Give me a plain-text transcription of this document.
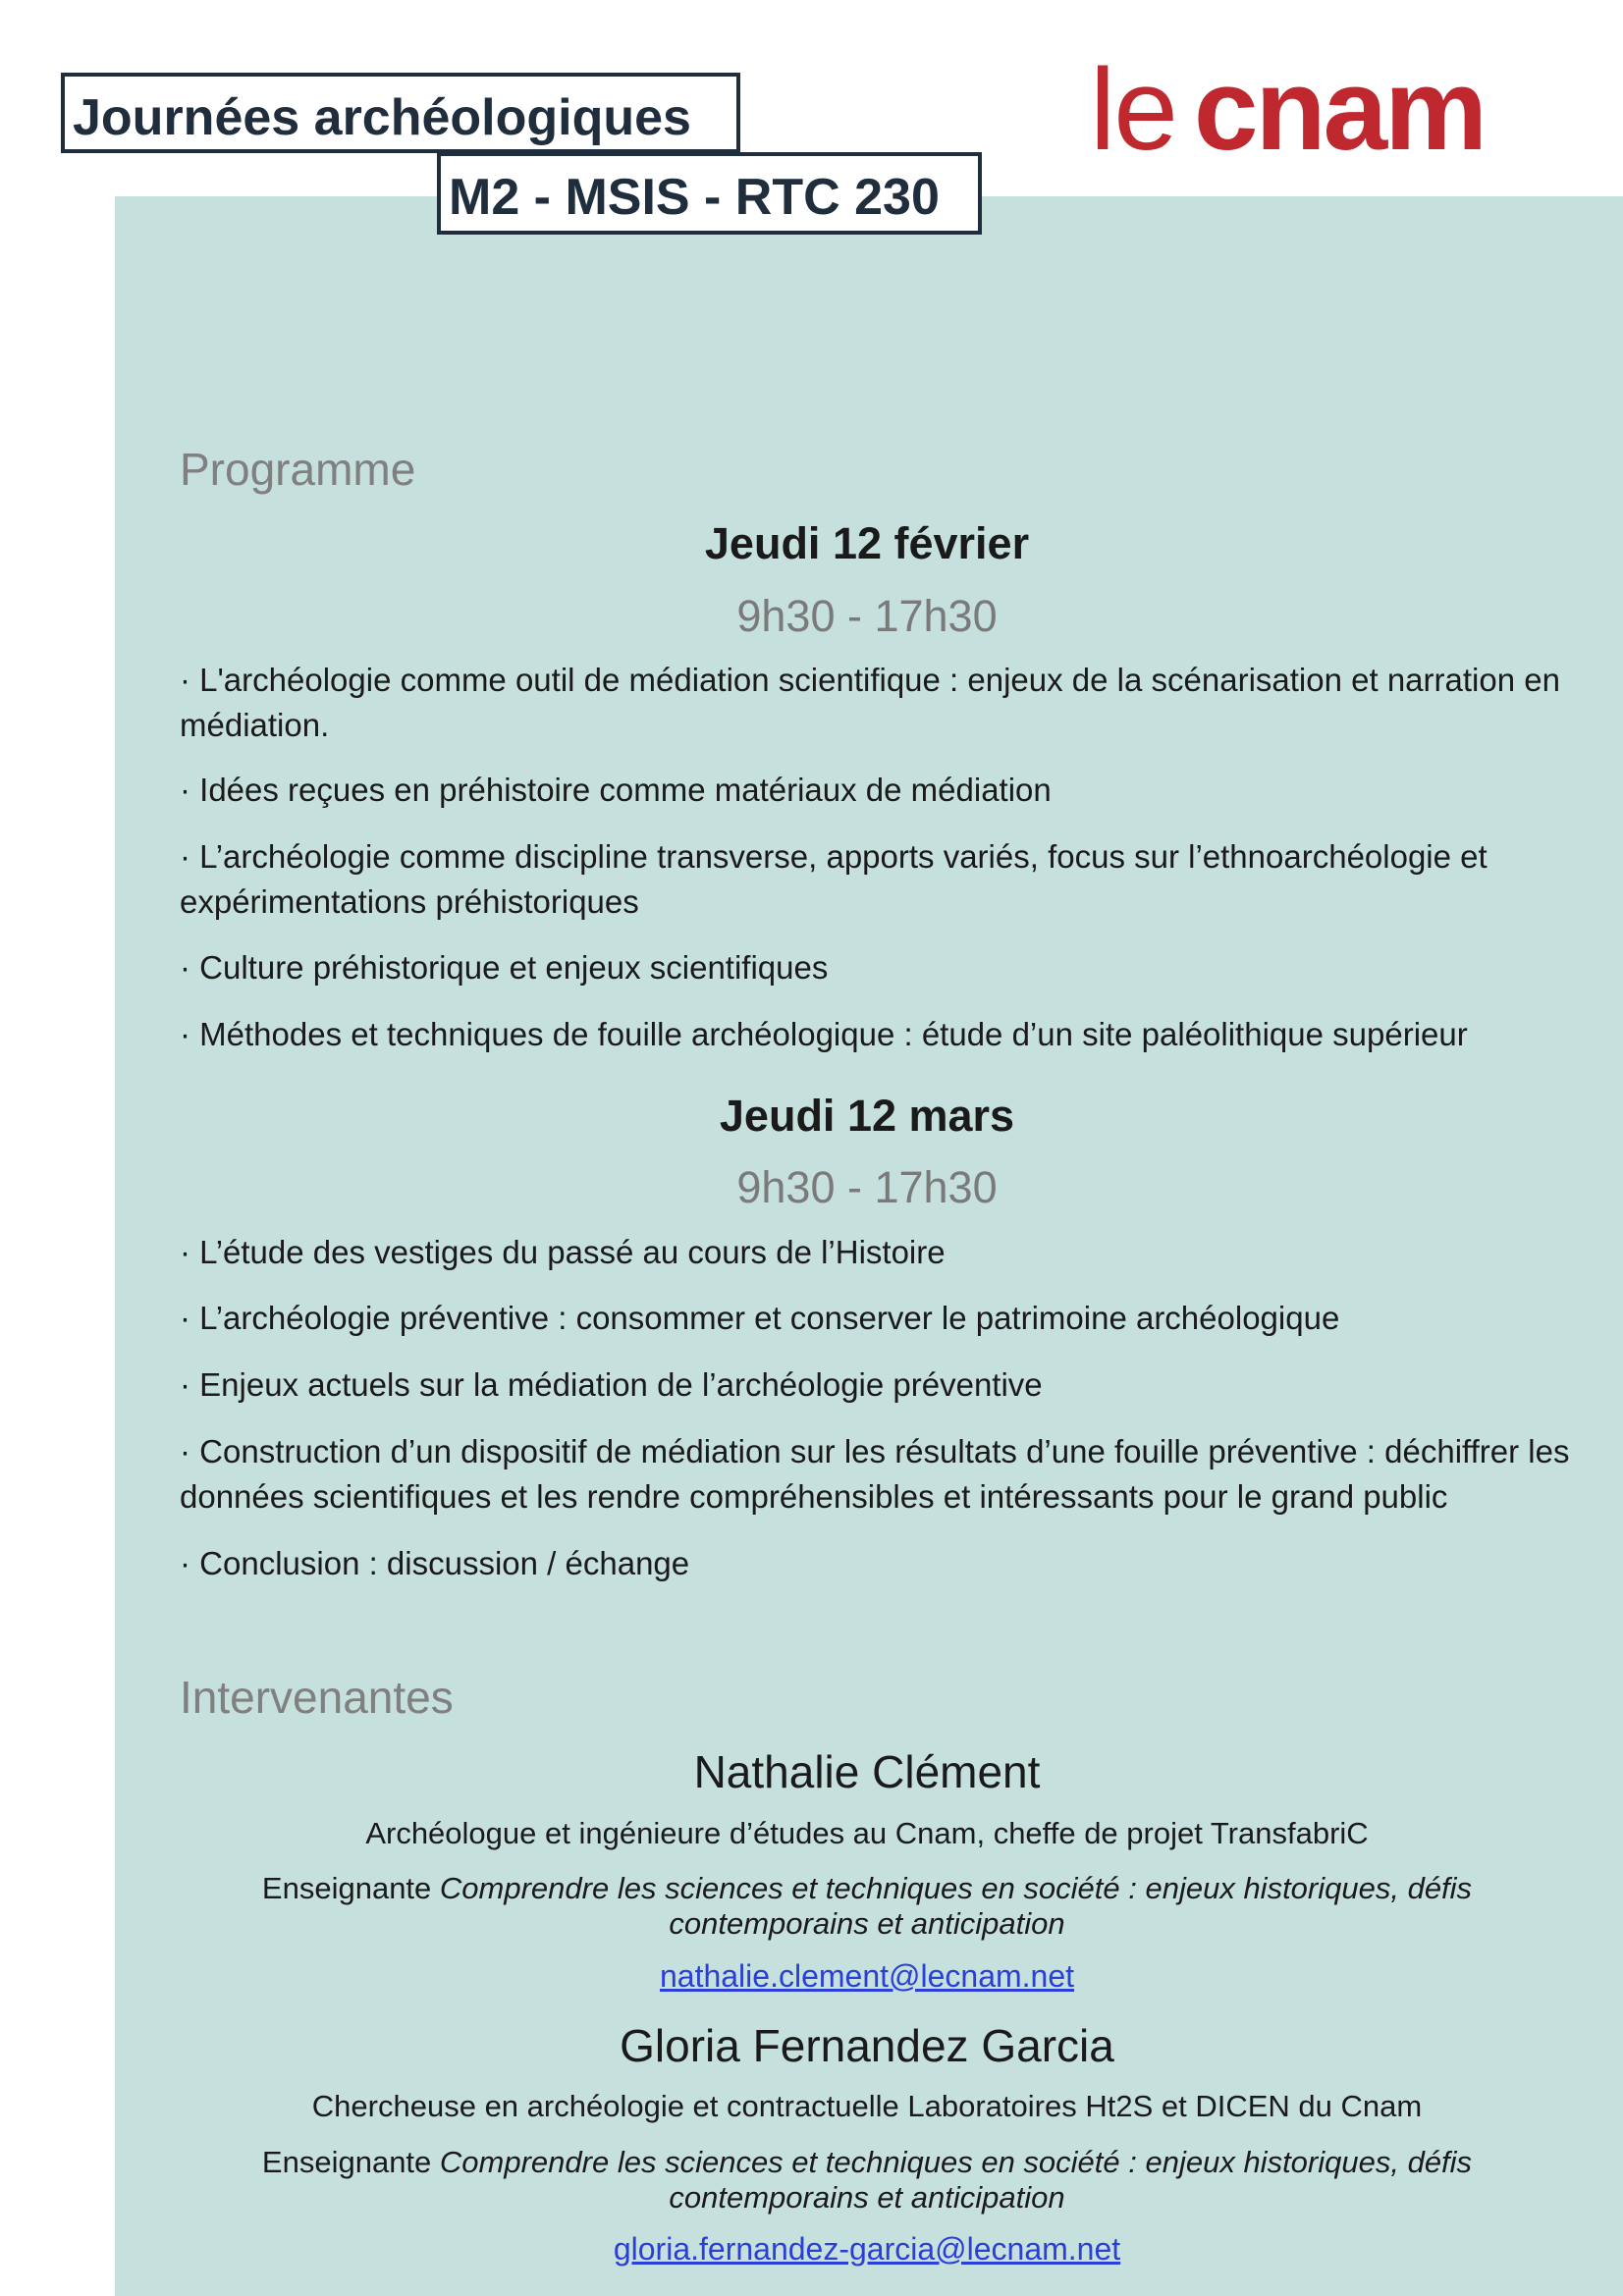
Journées archéologiques
M2 - MSIS - RTC 230
le cnam
Programme
Jeudi 12 février
9h30 - 17h30
· L'archéologie comme outil de médiation scientifique : enjeux de la scénarisation et narration en médiation.
· Idées reçues en préhistoire comme matériaux de médiation
· L’archéologie comme discipline transverse, apports variés, focus sur l’ethnoarchéologie et expérimentations préhistoriques
· Culture préhistorique et enjeux scientifiques
· Méthodes et techniques de fouille archéologique : étude d’un site paléolithique supérieur
Jeudi 12 mars
9h30 - 17h30
· L’étude des vestiges du passé au cours de l’Histoire
· L’archéologie préventive : consommer et conserver le patrimoine archéologique
· Enjeux actuels sur la médiation de l’archéologie préventive
· Construction d’un dispositif de médiation sur les résultats d’une fouille préventive : déchiffrer les données scientifiques et les rendre compréhensibles et intéressants pour le grand public
· Conclusion : discussion / échange
Intervenantes
Nathalie Clément
Archéologue et ingénieure d’études au Cnam, cheffe de projet TransfabriC
Enseignante Comprendre les sciences et techniques en société : enjeux historiques, défis contemporains et anticipation
nathalie.clement@lecnam.net
Gloria Fernandez Garcia
Chercheuse en archéologie et contractuelle Laboratoires Ht2S et DICEN du Cnam
Enseignante Comprendre les sciences et techniques en société : enjeux historiques, défis contemporains et anticipation
gloria.fernandez-garcia@lecnam.net
